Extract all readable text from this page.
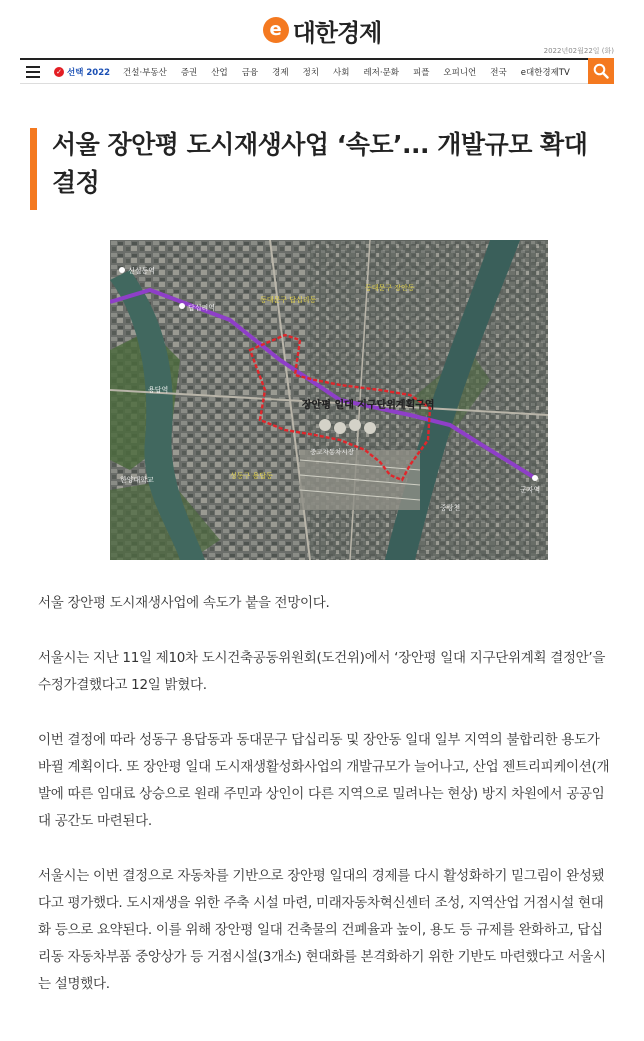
e 대한경제
2022년02월22일 (화)
✓ 선택 2022	건설·부동산	증권	산업	금융	경제	정치	사회	레저·문화	피플	오피니언	전국	e대한경제TV
서울 장안평 도시재생사업 ‘속도’... 개발규모 확대 결정
신설동역
답십리역
용답역
한양대학교
동대문구 답십리동
동대문구 장안동
성동구 용답동
장안평 일대 지구단위계획구역
중고자동차시장
중랑천
군자역

서울 장안평 도시재생사업에 속도가 붙을 전망이다.

서울시는 지난 11일 제10차 도시건축공동위원회(도건위)에서 ‘장안평 일대 지구단위계획 결정안’을 수정가결했다고 12일 밝혔다.

이번 결정에 따라 성동구 용답동과 동대문구 답십리동 및 장안동 일대 일부 지역의 불합리한 용도가 바뀔 계획이다. 또 장안평 일대 도시재생활성화사업의 개발규모가 늘어나고, 산업 젠트리피케이션(개발에 따른 임대료 상승으로 원래 주민과 상인이 다른 지역으로 밀려나는 현상) 방지 차원에서 공공임대 공간도 마련된다.

서울시는 이번 결정으로 자동차를 기반으로 장안평 일대의 경제를 다시 활성화하기 밑그림이 완성됐다고 평가했다. 도시재생을 위한 주축 시설 마련, 미래자동차혁신센터 조성, 지역산업 거점시설 현대화 등으로 요약된다. 이를 위해 장안평 일대 건축물의 건폐율과 높이, 용도 등 규제를 완화하고, 답십리동 자동차부품 중앙상가 등 거점시설(3개소) 현대화를 본격화하기 위한 기반도 마련했다고 서울시는 설명했다.
